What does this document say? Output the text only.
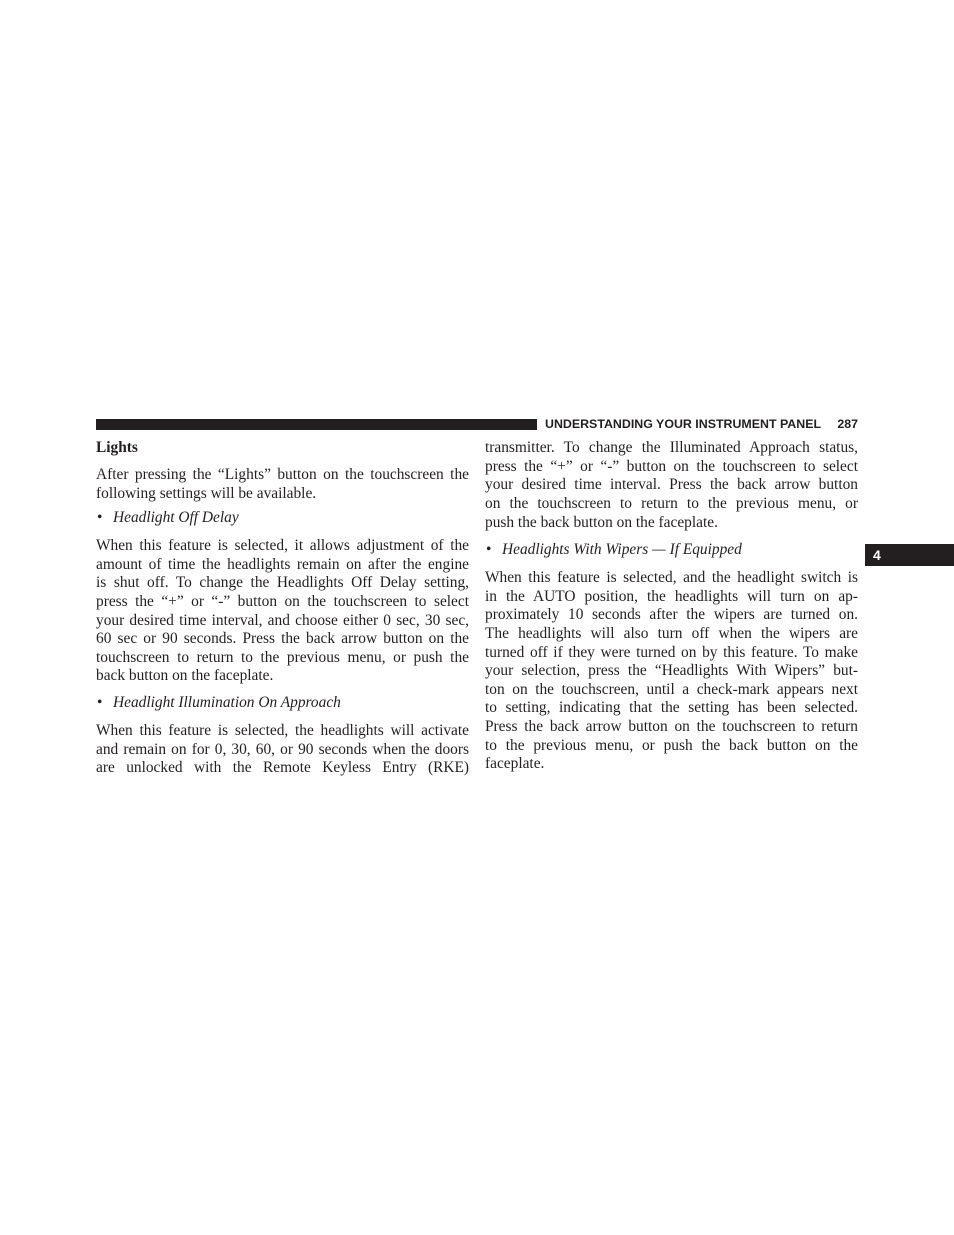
UNDERSTANDING YOUR INSTRUMENT PANEL 287
4
Lights
After pressing the “Lights” button on the touchscreen the
following settings will be available.
• Headlight Off Delay
When this feature is selected, it allows adjustment of the
amount of time the headlights remain on after the engine
is shut off. To change the Headlights Off Delay setting,
press the “+” or “-” button on the touchscreen to select
your desired time interval, and choose either 0 sec, 30 sec,
60 sec or 90 seconds. Press the back arrow button on the
touchscreen to return to the previous menu, or push the
back button on the faceplate.
• Headlight Illumination On Approach
When this feature is selected, the headlights will activate
and remain on for 0, 30, 60, or 90 seconds when the doors
are unlocked with the Remote Keyless Entry (RKE)
transmitter. To change the Illuminated Approach status,
press the “+” or “-” button on the touchscreen to select
your desired time interval. Press the back arrow button
on the touchscreen to return to the previous menu, or
push the back button on the faceplate.
• Headlights With Wipers — If Equipped
When this feature is selected, and the headlight switch is
in the AUTO position, the headlights will turn on ap-
proximately 10 seconds after the wipers are turned on.
The headlights will also turn off when the wipers are
turned off if they were turned on by this feature. To make
your selection, press the “Headlights With Wipers” but-
ton on the touchscreen, until a check-mark appears next
to setting, indicating that the setting has been selected.
Press the back arrow button on the touchscreen to return
to the previous menu, or push the back button on the
faceplate.
